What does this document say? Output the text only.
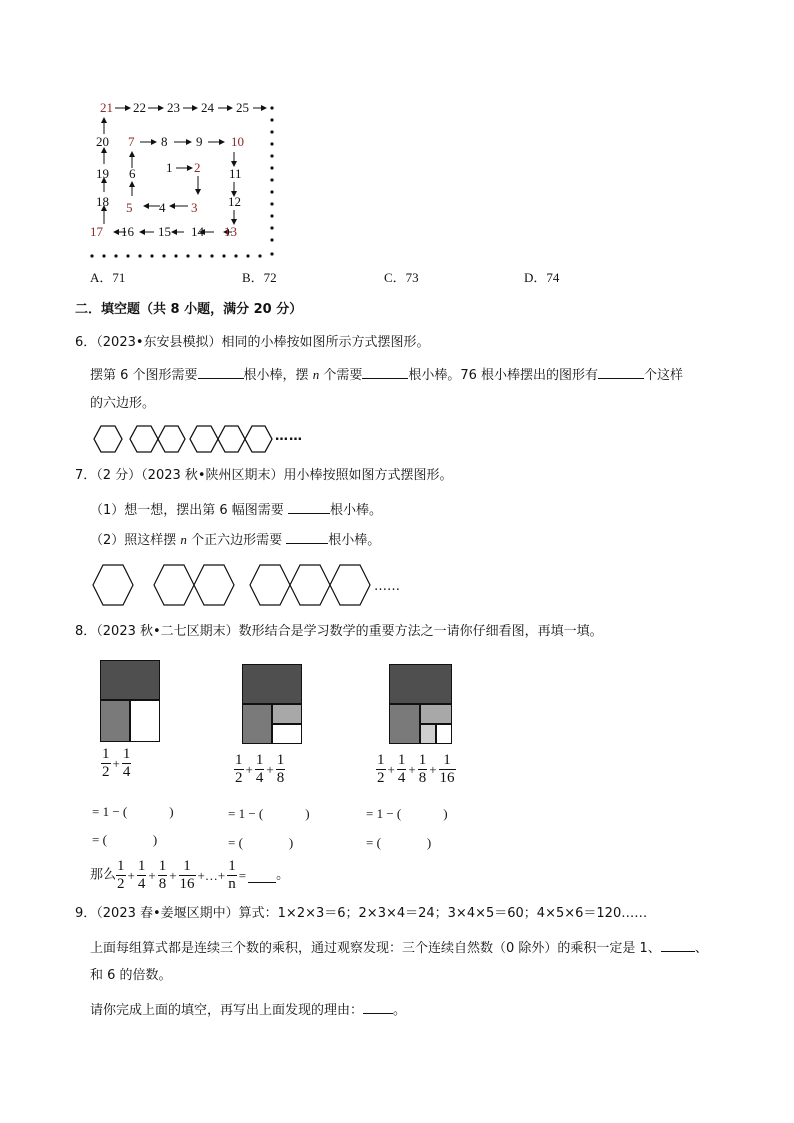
21 22 23 24 25
20 7 8 9 10
1 2
19 6	11
18 5 4 3 12
17 16 15 14 13
A．71	B．72	C．73	D．74
二．填空题（共 8 小题，满分 20 分）
6．（2023•东安县模拟）相同的小棒按如图所示方式摆图形。
摆第 6 个图形需要	根小棒，摆 n 个需要	根小棒。76 根小棒摆出的图形有	个这样
的六边形。
……
7．（2 分）（2023 秋•陕州区期末）用小棒按照如图方式摆图形。
（1）想一想，摆出第 6 幅图需要	根小棒。
（2）照这样摆 n 个正六边形需要	根小棒。
……
8．（2023 秋•二七区期末）数形结合是学习数学的重要方法之一请你仔细看图，再填一填。
$\frac{1}{2} + \frac{1}{4}$	$\frac{1}{2} + \frac{1}{4} + \frac{1}{8}$	$\frac{1}{2} + \frac{1}{4} + \frac{1}{8} + \frac{1}{16}$
= 1 − (	)
= (	)
= 1 − (	)
= (	)
= 1 − (	)
= (	)
那么 $\frac{1}{2} + \frac{1}{4} + \frac{1}{8} + \frac{1}{16}$ +…+ $\frac{1}{n}$ = 。
9．（2023 春•姜堰区期中）算式：1×2×3＝6；2×3×4＝24；3×4×5＝60；4×5×6＝120……
上面每组算式都是连续三个数的乘积，通过观察发现：三个连续自然数（0 除外）的乘积一定是 1、	、
和 6 的倍数。
请你完成上面的填空，再写出上面发现的理由： 。
